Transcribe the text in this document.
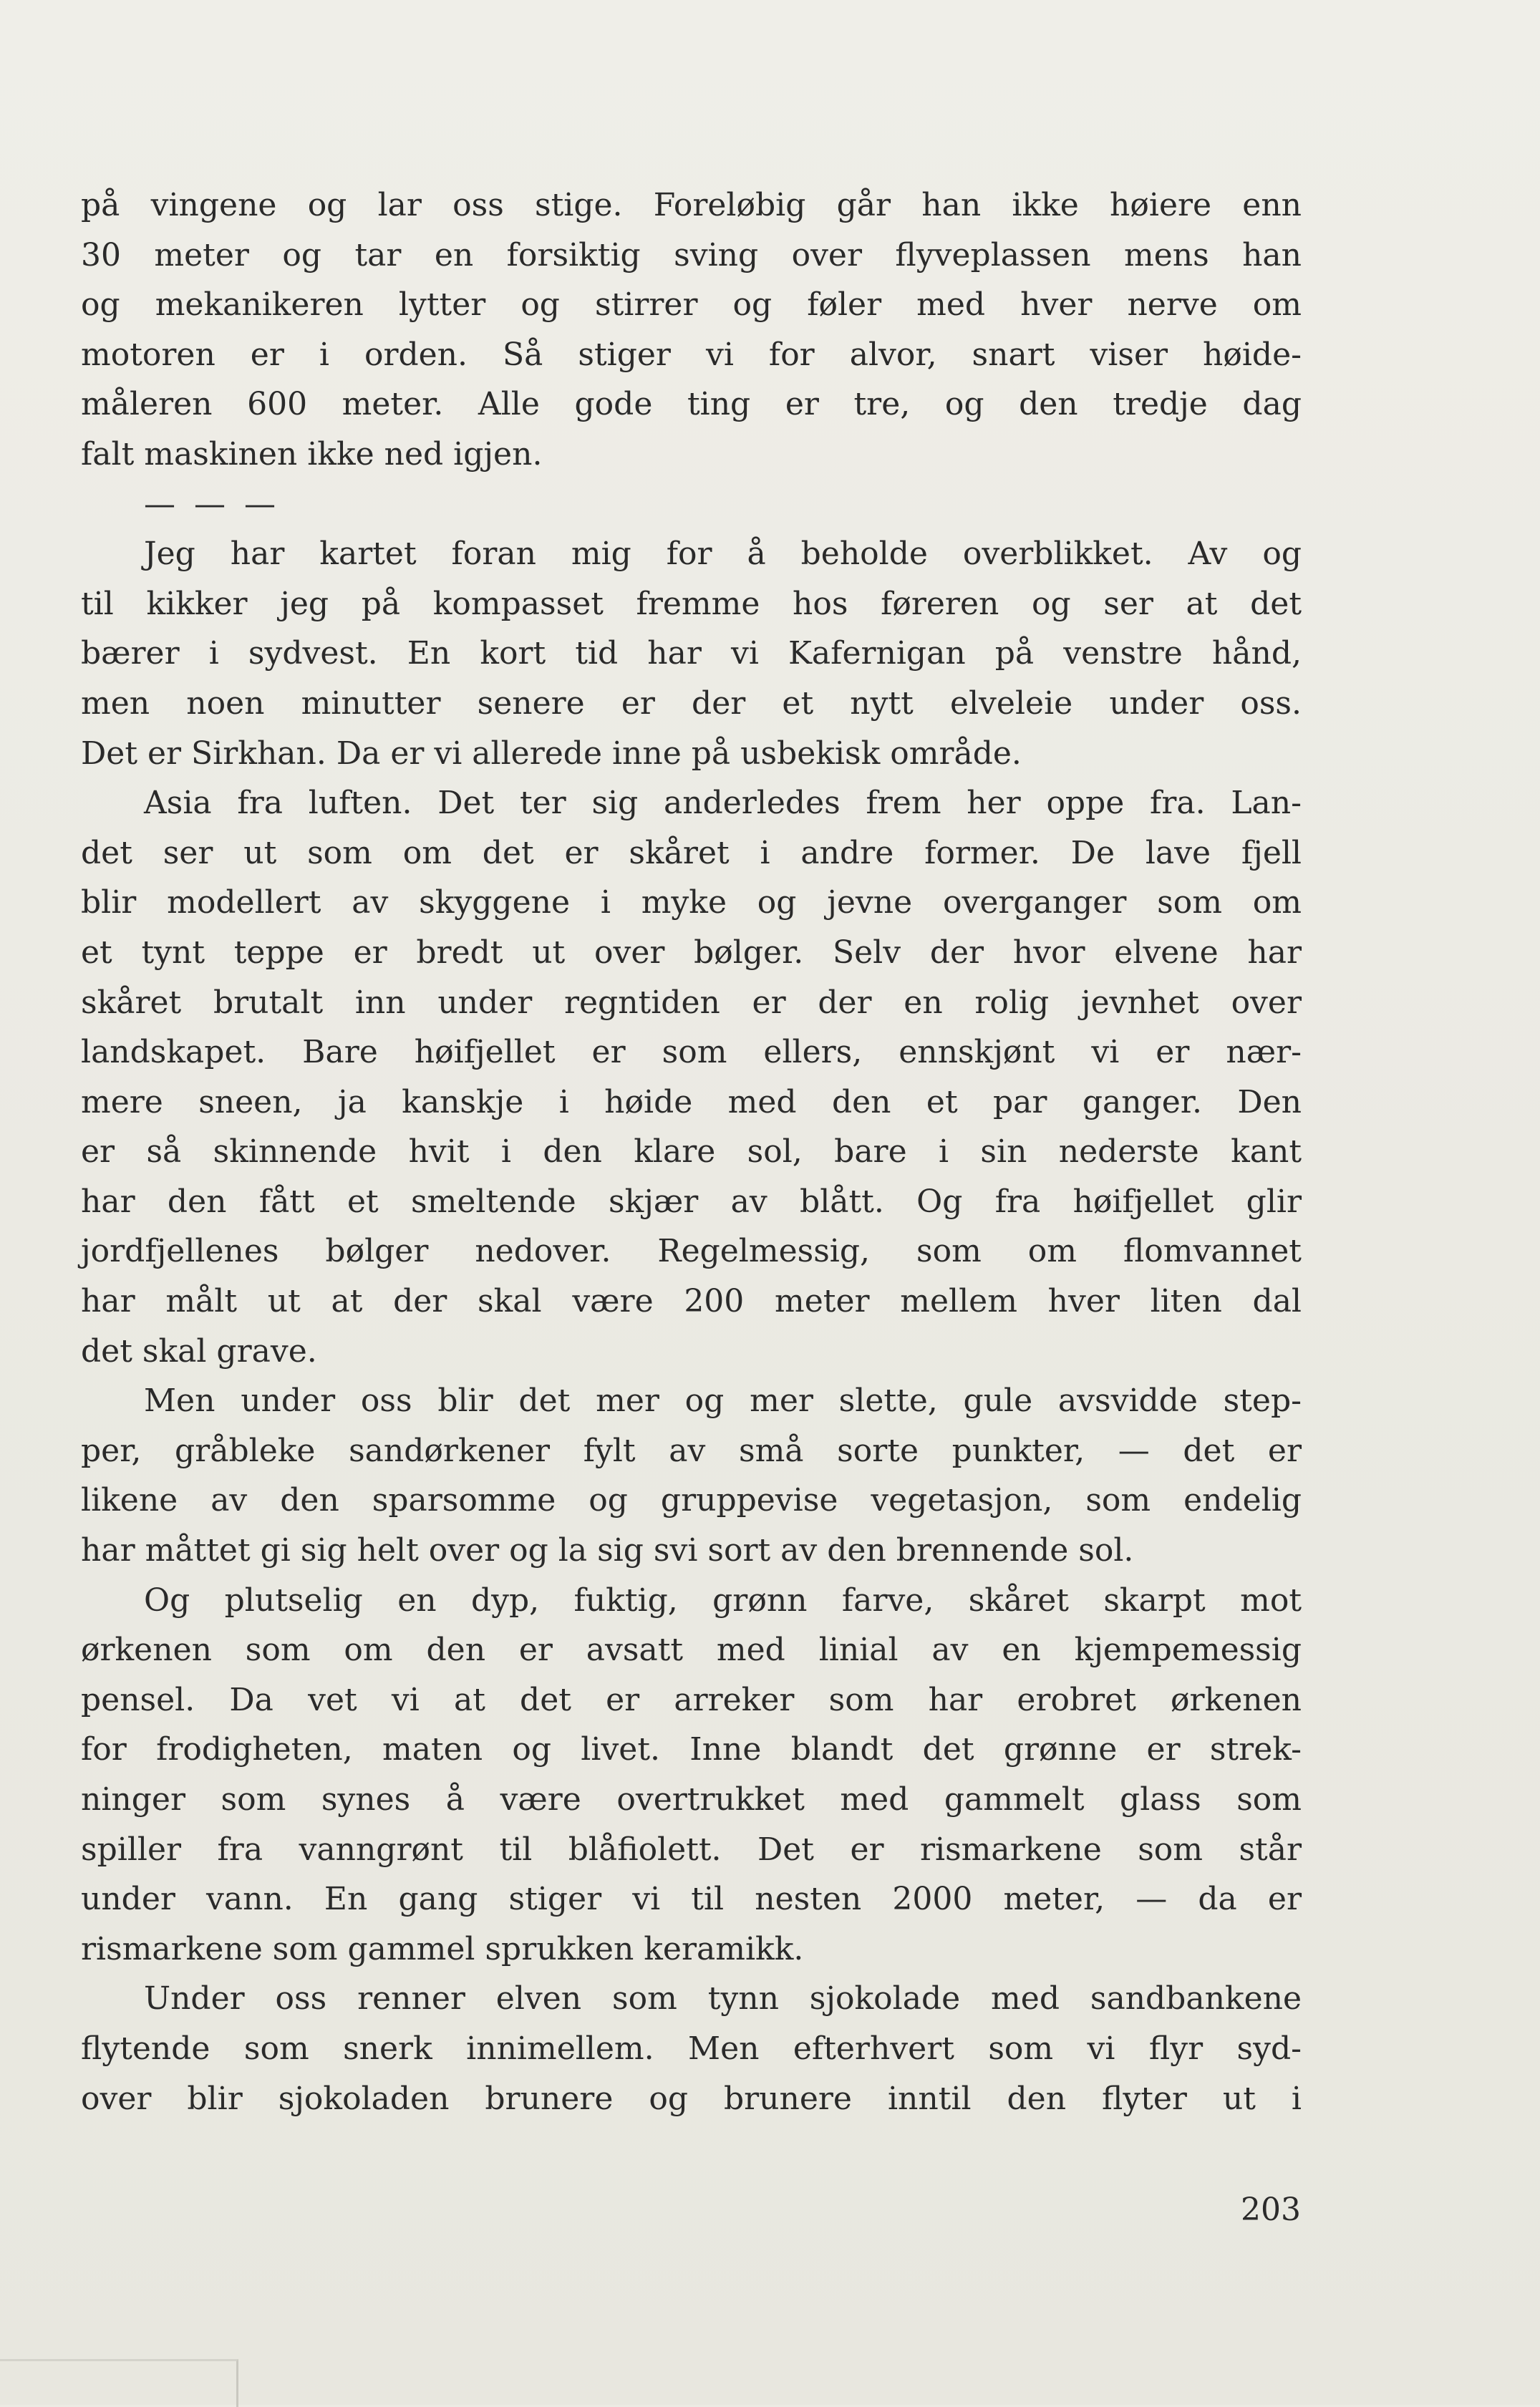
på vingene og lar oss stige. Foreløbig går han ikke høiere enn
30 meter og tar en forsiktig sving over flyveplassen mens han
og mekanikeren lytter og stirrer og føler med hver nerve om
motoren er i orden. Så stiger vi for alvor, snart viser høide-
måleren 600 meter. Alle gode ting er tre, og den tredje dag
falt maskinen ikke ned igjen.
— — —
Jeg har kartet foran mig for å beholde overblikket. Av og
til kikker jeg på kompasset fremme hos føreren og ser at det
bærer i sydvest. En kort tid har vi Kafernigan på venstre hånd,
men noen minutter senere er der et nytt elveleie under oss.
Det er Sirkhan. Da er vi allerede inne på usbekisk område.
Asia fra luften. Det ter sig anderledes frem her oppe fra. Lan-
det ser ut som om det er skåret i andre former. De lave fjell
blir modellert av skyggene i myke og jevne overganger som om
et tynt teppe er bredt ut over bølger. Selv der hvor elvene har
skåret brutalt inn under regntiden er der en rolig jevnhet over
landskapet. Bare høifjellet er som ellers, ennskjønt vi er nær-
mere sneen, ja kanskje i høide med den et par ganger. Den
er så skinnende hvit i den klare sol, bare i sin nederste kant
har den fått et smeltende skjær av blått. Og fra høifjellet glir
jordfjellenes bølger nedover. Regelmessig, som om flomvannet
har målt ut at der skal være 200 meter mellem hver liten dal
det skal grave.
Men under oss blir det mer og mer slette, gule avsvidde step-
per, gråbleke sandørkener fylt av små sorte punkter, — det er
likene av den sparsomme og gruppevise vegetasjon, som endelig
har måttet gi sig helt over og la sig svi sort av den brennende sol.
Og plutselig en dyp, fuktig, grønn farve, skåret skarpt mot
ørkenen som om den er avsatt med linial av en kjempemessig
pensel. Da vet vi at det er arreker som har erobret ørkenen
for frodigheten, maten og livet. Inne blandt det grønne er strek-
ninger som synes å være overtrukket med gammelt glass som
spiller fra vanngrønt til blåfiolett. Det er rismarkene som står
under vann. En gang stiger vi til nesten 2000 meter, — da er
rismarkene som gammel sprukken keramikk.
Under oss renner elven som tynn sjokolade med sandbankene
flytende som snerk innimellem. Men efterhvert som vi flyr syd-
over blir sjokoladen brunere og brunere inntil den flyter ut i
203
